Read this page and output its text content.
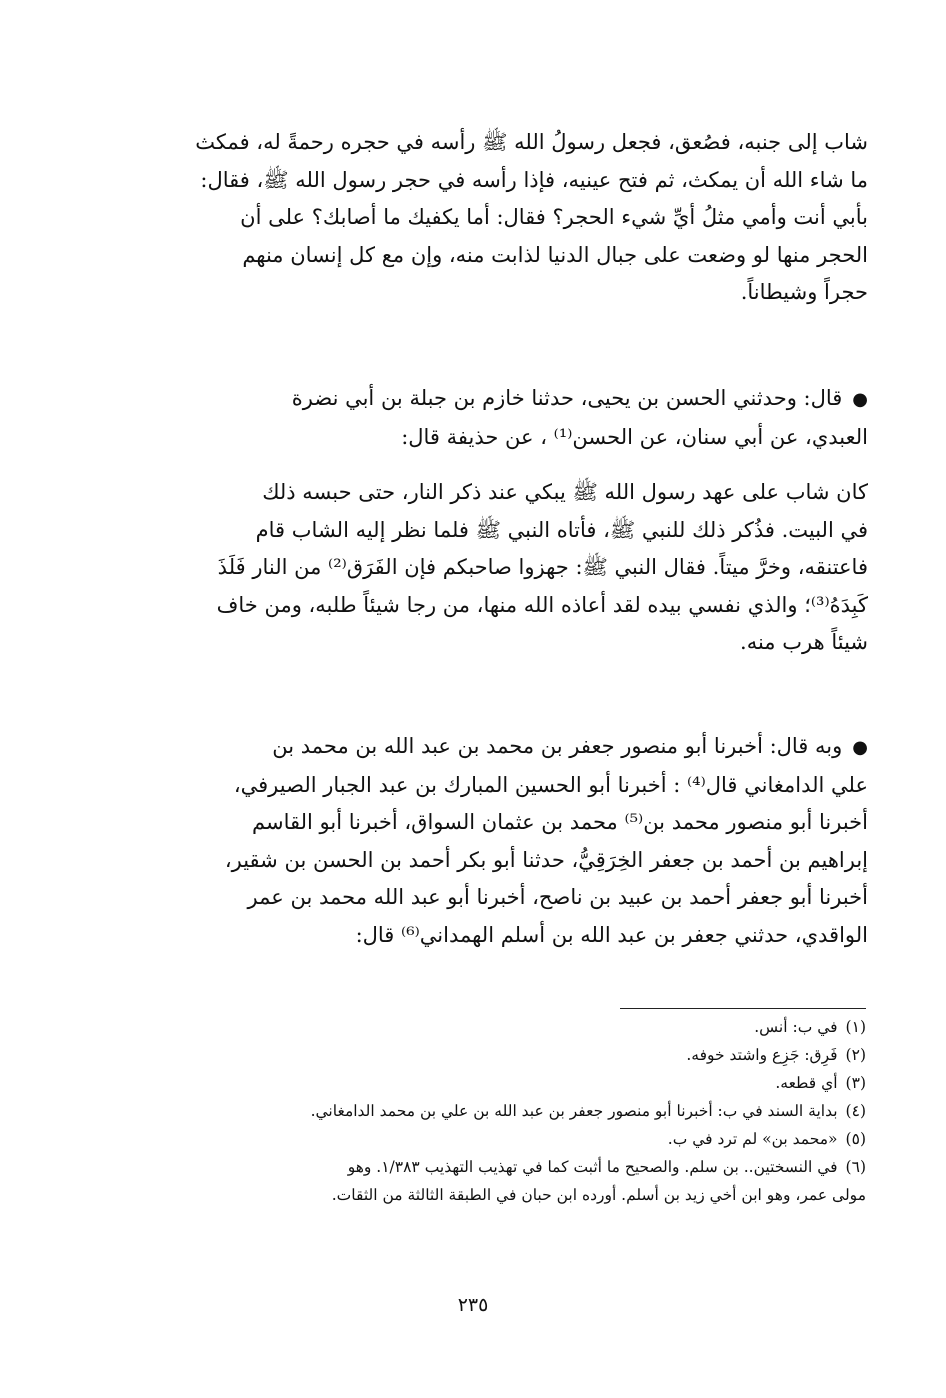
شاب إلى جنبه، فصُعق، فجعل رسولُ الله ﷺ رأسه في حجره رحمةً له، فمكث
ما شاء الله أن يمكث، ثم فتح عينيه، فإذا رأسه في حجر رسول الله ﷺ، فقال:
بأبي أنت وأمي مثلُ أيِّ شيء الحجر؟ فقال: أما يكفيك ما أصابك؟ على أن
الحجر منها لو وضعت على جبال الدنيا لذابت منه، وإن مع كل إنسان منهم
حجراً وشيطاناً.
●قال: وحدثني الحسن بن يحيى، حدثنا خازم بن جبلة بن أبي نضرة
العبدي، عن أبي سنان، عن الحسن⁽¹⁾ ، عن حذيفة قال:
كان شاب على عهد رسول الله ﷺ يبكي عند ذكر النار، حتى حبسه ذلك
في البيت. فذُكر ذلك للنبي ﷺ، فأتاه النبي ﷺ فلما نظر إليه الشاب قام
فاعتنقه، وخرَّ ميتاً. فقال النبي ﷺ: جهزوا صاحبكم فإن الفَرَق⁽²⁾ من النار فَلَذَ
كَبِدَهُ⁽³⁾؛ والذي نفسي بيده لقد أعاذه الله منها، من رجا شيئاً طلبه، ومن خاف
شيئاً هرب منه.
●وبه قال: أخبرنا أبو منصور جعفر بن محمد بن عبد الله بن محمد بن
علي الدامغاني قال⁽⁴⁾ : أخبرنا أبو الحسين المبارك بن عبد الجبار الصيرفي،
أخبرنا أبو منصور محمد بن⁽⁵⁾ محمد بن عثمان السواق، أخبرنا أبو القاسم
إبراهيم بن أحمد بن جعفر الخِرَقِيُّ، حدثنا أبو بكر أحمد بن الحسن بن شقير،
أخبرنا أبو جعفر أحمد بن عبيد بن ناصح، أخبرنا أبو عبد الله محمد بن عمر
الواقدي، حدثني جعفر بن عبد الله بن أسلم الهمداني⁽⁶⁾ قال:
(١)في ب: أنس.
(٢)فَرِق: جَزِع واشتد خوفه.
(٣)أي قطعه.
(٤)بداية السند في ب: أخبرنا أبو منصور جعفر بن عبد الله بن علي بن محمد الدامغاني.
(٥)«محمد بن» لم ترد في ب.
(٦)في النسختين.. بن سلم. والصحيح ما أثبت كما في تهذيب التهذيب ١/٣٨٣. وهو
مولى عمر، وهو ابن أخي زيد بن أسلم. أورده ابن حبان في الطبقة الثالثة من الثقات.
٢٣٥
